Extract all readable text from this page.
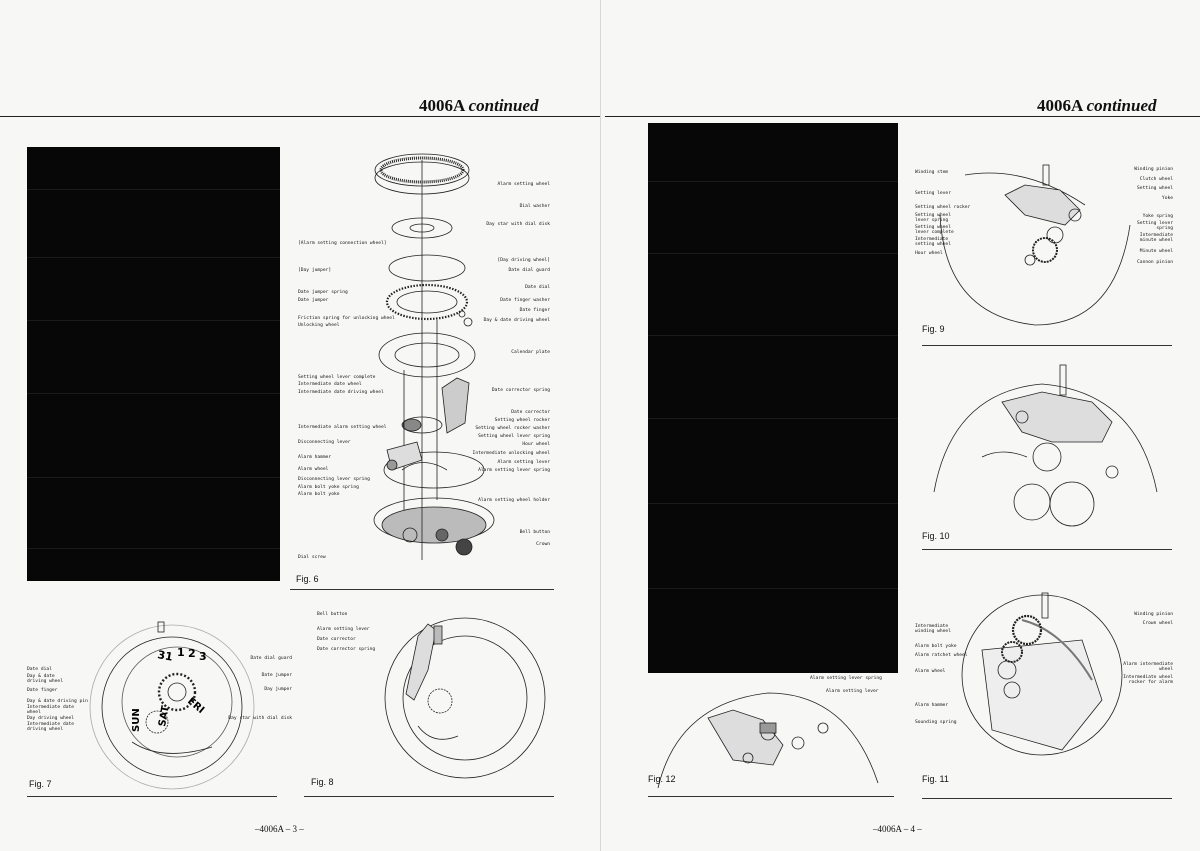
4006A continued
Fig. 6
[Alarm setting connection wheel]
[Day jumper]
Date jumper spring
Date jumper
Friction spring for unlocking wheel
Unlocking wheel
Setting wheel lever complete
Intermediate date wheel
Intermediate date driving wheel
Intermediate alarm setting wheel
Disconnecting lever
Alarm hammer
Alarm wheel
Disconnecting lever spring
Alarm bolt yoke spring
Alarm bolt yoke
Dial screw
Alarm setting wheel
Dial washer
Day star with dial disk
[Day driving wheel]
Date dial guard
Date dial
Date finger washer
Date finger
Day & date driving wheel
Calendar plate
Date corrector spring
Date corrector
Setting wheel rocker
Setting wheel rocker washer
Setting wheel lever spring
Hour wheel
Intermediate unlocking wheel
Alarm setting lever
Alarm setting lever spring
Alarm setting wheel holder
Bell button
Crown
31 1 2 3
SUN SAT FRI
Date dial
Day & date driving wheel
Date finger
Day & date driving pin
Intermediate date wheel
Day driving wheel
Intermediate date driving wheel
Date dial guard
Date jumper
Day jumper
Day star with dial disk
Fig. 7
Bell button
Alarm setting lever
Date corrector
Date corrector spring
Fig. 8
–4006A – 3 –
4006A continued
Alarm setting lever spring
Alarm setting lever
Fig. 12
Winding stem
Setting lever
Setting wheel rocker
Setting wheel lever spring
Setting wheel lever complete
Intermediate setting wheel
Hour wheel
Winding pinion
Clutch wheel
Setting wheel
Yoke
Yoke spring
Setting lever spring
Intermediate minute wheel
Minute wheel
Cannon pinion
Fig. 9
Fig. 10
Intermediate winding wheel
Alarm bolt yoke
Alarm ratchet wheel
Alarm wheel
Alarm hammer
Sounding spring
Winding pinion
Crown wheel
Alarm intermediate wheel
Intermediate wheel rocker for alarm
Fig. 11
–4006A – 4 –
